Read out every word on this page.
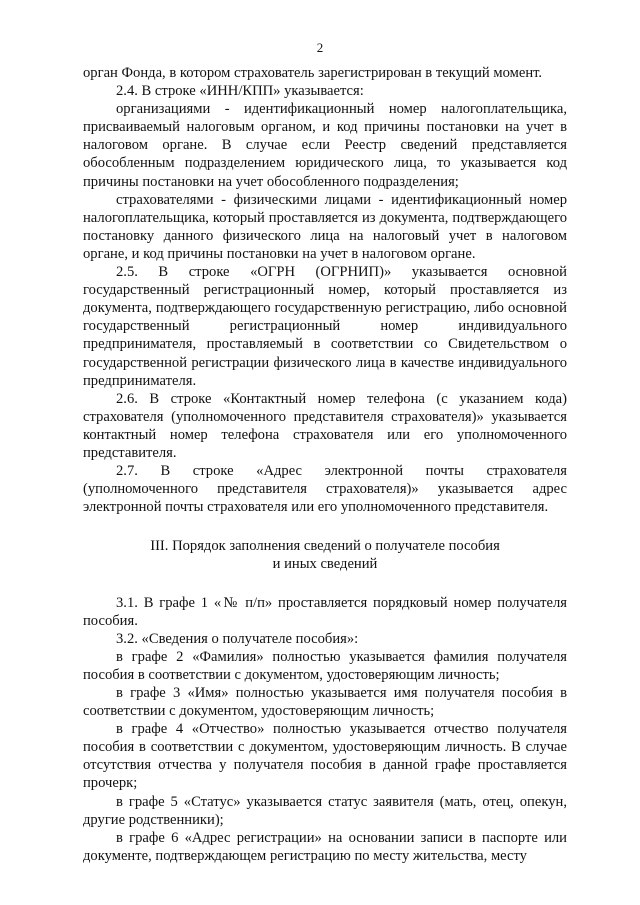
2

орган Фонда, в котором страхователь зарегистрирован в текущий момент.

2.4. В строке «ИНН/КПП» указывается:

организациями - идентификационный номер налогоплательщика, присваиваемый налоговым органом, и код причины постановки на учет в налоговом органе. В случае если Реестр сведений представляется обособленным подразделением юридического лица, то указывается код причины постановки на учет обособленного подразделения;

страхователями - физическими лицами - идентификационный номер налогоплательщика, который проставляется из документа, подтверждающего постановку данного физического лица на налоговый учет в налоговом органе, и код причины постановки на учет в налоговом органе.

2.5. В строке «ОГРН (ОГРНИП)» указывается основной государственный регистрационный номер, который проставляется из документа, подтверждающего государственную регистрацию, либо основной государственный регистрационный номер индивидуального предпринимателя, проставляемый в соответствии со Свидетельством о государственной регистрации физического лица в качестве индивидуального предпринимателя.

2.6. В строке «Контактный номер телефона (с указанием кода) страхователя (уполномоченного представителя страхователя)» указывается контактный номер телефона страхователя или его уполномоченного представителя.

2.7. В строке «Адрес электронной почты страхователя (уполномоченного представителя страхователя)» указывается адрес электронной почты страхователя или его уполномоченного представителя.

III. Порядок заполнения сведений о получателе пособия
и иных сведений

3.1. В графе 1 «№ п/п» проставляется порядковый номер получателя пособия.

3.2. «Сведения о получателе пособия»:

в графе 2 «Фамилия» полностью указывается фамилия получателя пособия в соответствии с документом, удостоверяющим личность;

в графе 3 «Имя» полностью указывается имя получателя пособия в соответствии с документом, удостоверяющим личность;

в графе 4 «Отчество» полностью указывается отчество получателя пособия в соответствии с документом, удостоверяющим личность. В случае отсутствия отчества у получателя пособия в данной графе проставляется прочерк;

в графе 5 «Статус» указывается статус заявителя (мать, отец, опекун, другие родственники);

в графе 6 «Адрес регистрации» на основании записи в паспорте или документе, подтверждающем регистрацию по месту жительства, месту
